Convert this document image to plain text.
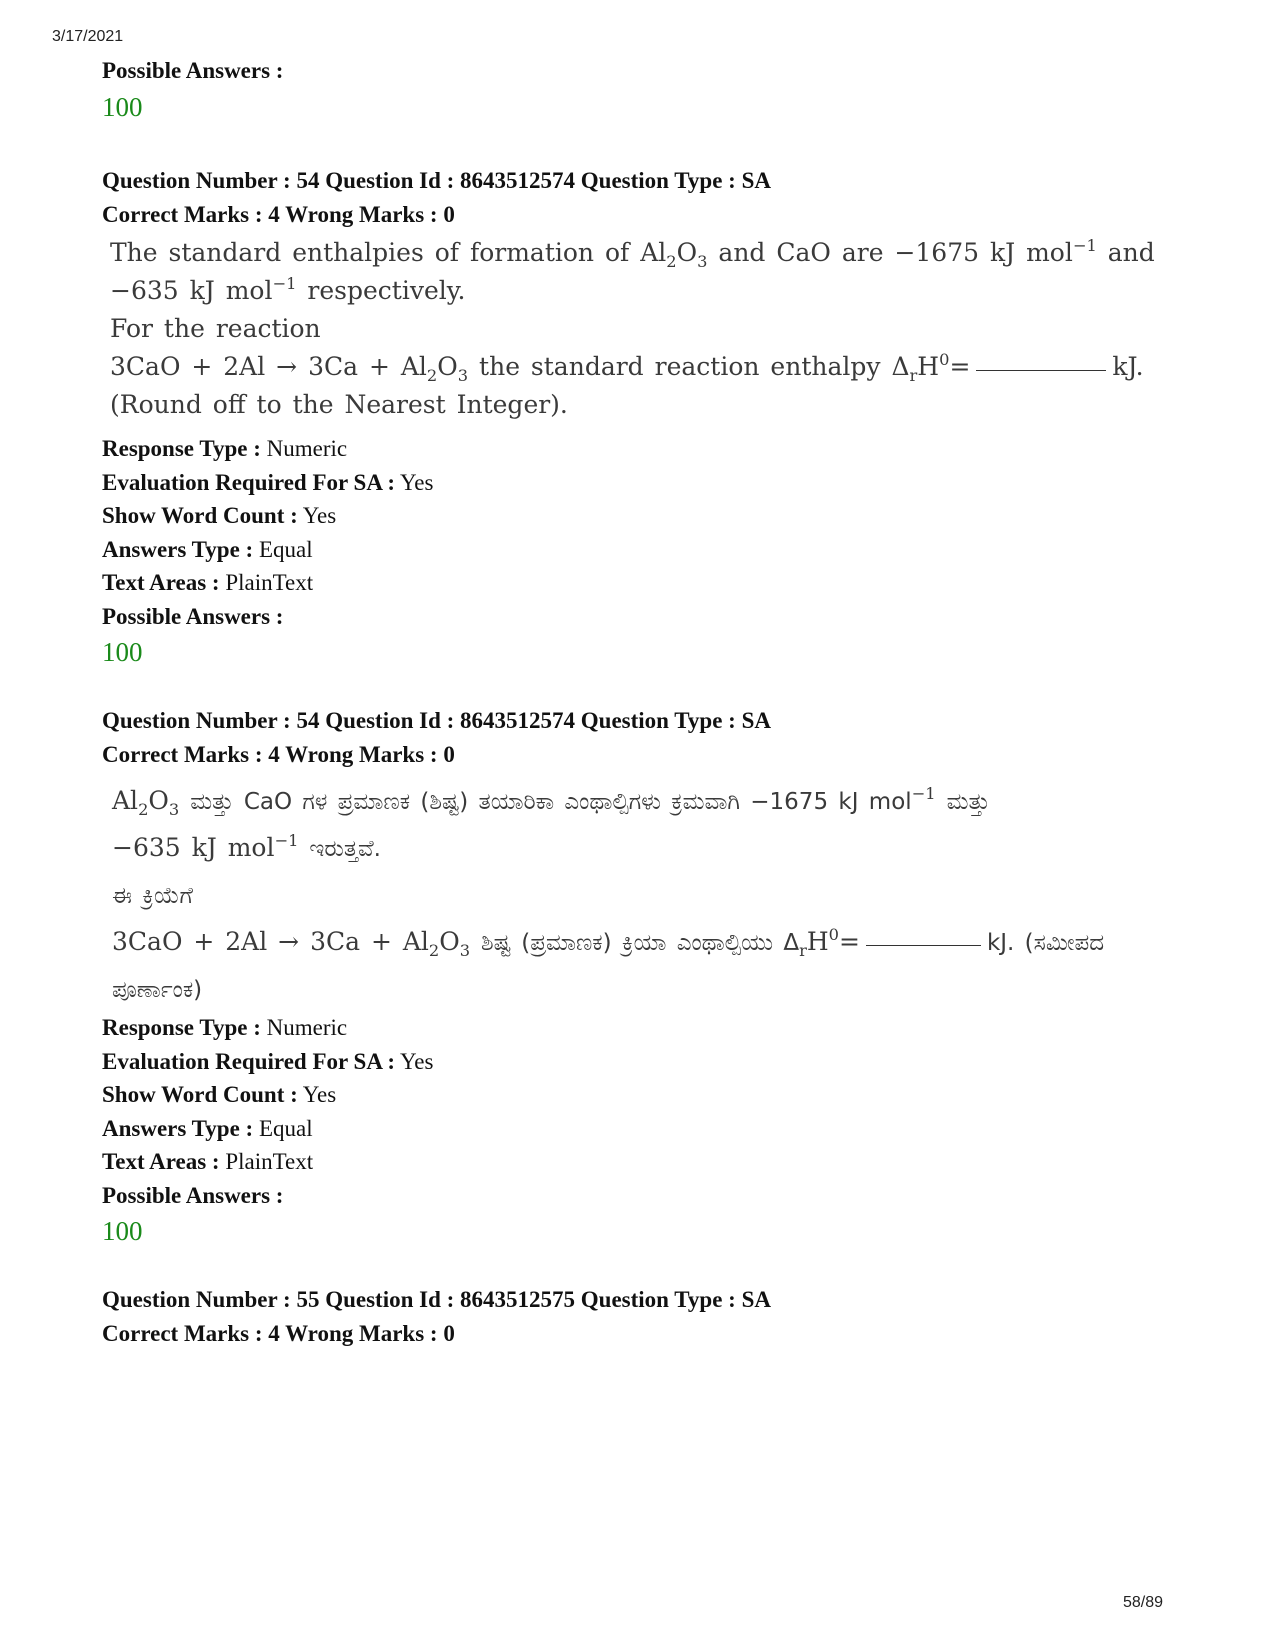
3/17/2021
Possible Answers :
100
Question Number : 54 Question Id : 8643512574 Question Type : SA
Correct Marks : 4 Wrong Marks : 0
The standard enthalpies of formation of $Al_2O_3$ and CaO are −1675 kJ mol$^{-1}$ and
−635 kJ mol$^{-1}$ respectively.
For the reaction
$3CaO + 2Al \to 3Ca + Al_2O_3$ the standard reaction enthalpy $\Delta_rH^0=$	kJ.
(Round off to the Nearest Integer).
Response Type : Numeric
Evaluation Required For SA : Yes
Show Word Count : Yes
Answers Type : Equal
Text Areas : PlainText
Possible Answers :
100
Question Number : 54 Question Id : 8643512574 Question Type : SA
Correct Marks : 4 Wrong Marks : 0
$Al_2O_3$ ಮತ್ತು CaO ಗಳ ಪ್ರಮಾಣಕ (ಶಿಷ್ಟ) ತಯಾರಿಕಾ ಎಂಥಾಲ್ಪಿಗಳು ಕ್ರಮವಾಗಿ −1675 kJ mol$^{-1}$ ಮತ್ತು
−635 kJ mol$^{-1}$ ಇರುತ್ತವೆ.
ಈ ಕ್ರಿಯೆಗೆ
$3CaO + 2Al \to 3Ca + Al_2O_3$ ಶಿಷ್ಟ (ಪ್ರಮಾಣಕ) ಕ್ರಿಯಾ ಎಂಥಾಲ್ಪಿಯು $\Delta_rH^0=$	kJ. (ಸಮೀಪದ
ಪೂರ್ಣಾಂಕ)
Response Type : Numeric
Evaluation Required For SA : Yes
Show Word Count : Yes
Answers Type : Equal
Text Areas : PlainText
Possible Answers :
100
Question Number : 55 Question Id : 8643512575 Question Type : SA
Correct Marks : 4 Wrong Marks : 0
58/89
